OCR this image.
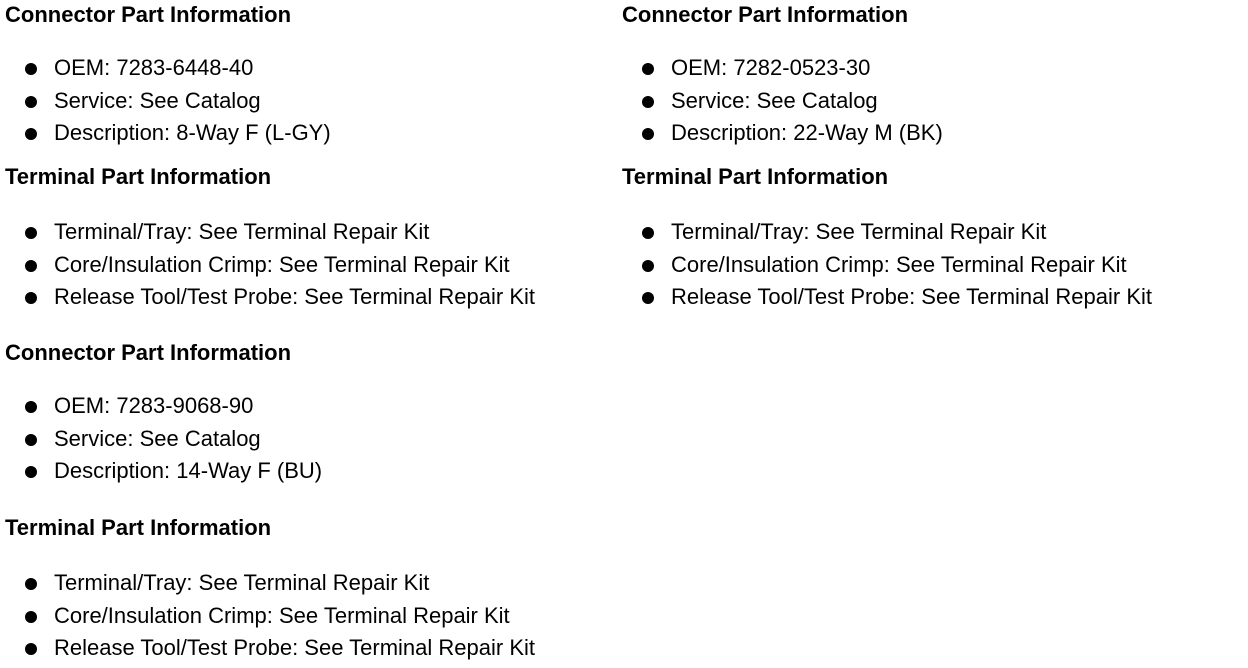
Connector Part Information
OEM: 7283-6448-40
Service: See Catalog
Description: 8-Way F (L-GY)
Terminal Part Information
Terminal/Tray: See Terminal Repair Kit
Core/Insulation Crimp: See Terminal Repair Kit
Release Tool/Test Probe: See Terminal Repair Kit
Connector Part Information
OEM: 7283-9068-90
Service: See Catalog
Description: 14-Way F (BU)
Terminal Part Information
Terminal/Tray: See Terminal Repair Kit
Core/Insulation Crimp: See Terminal Repair Kit
Release Tool/Test Probe: See Terminal Repair Kit
Connector Part Information
OEM: 7282-0523-30
Service: See Catalog
Description: 22-Way M (BK)
Terminal Part Information
Terminal/Tray: See Terminal Repair Kit
Core/Insulation Crimp: See Terminal Repair Kit
Release Tool/Test Probe: See Terminal Repair Kit
